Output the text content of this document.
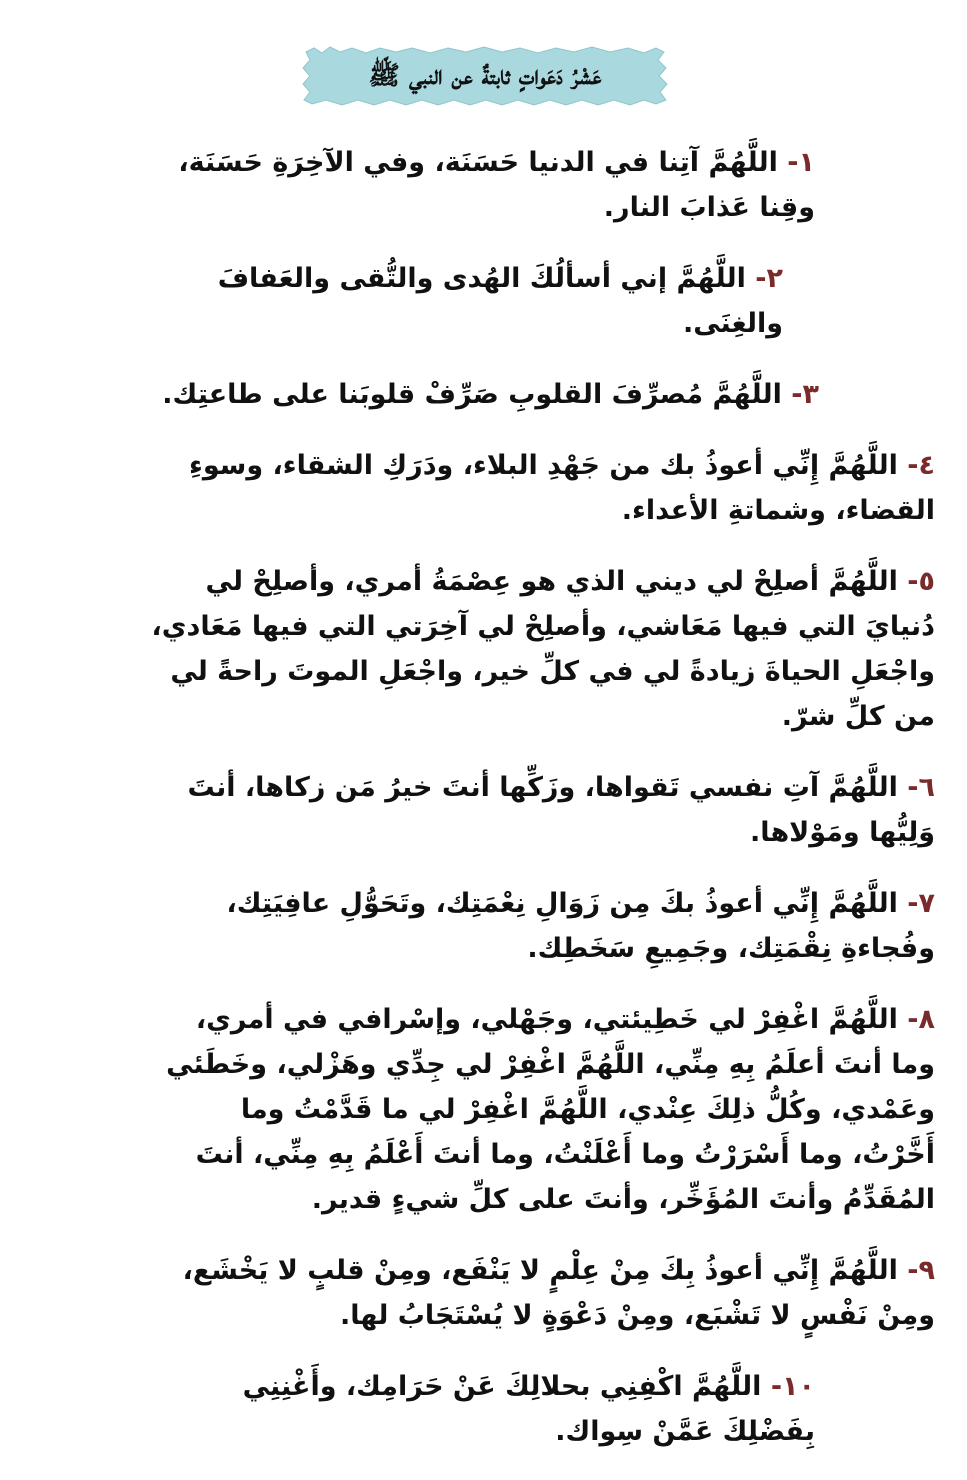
عَشْرُ دَعَواتٍ ثابتةٌ عن النبي ﷺ

١- اللَّهُمَّ آتِنا في الدنيا حَسَنَة، وفي الآخِرَةِ حَسَنَة، وقِنا عَذابَ النار.

٢- اللَّهُمَّ إني أسألُكَ الهُدى والتُّقى والعَفافَ والغِنَى.

٣- اللَّهُمَّ مُصرِّفَ القلوبِ صَرِّفْ قلوبَنا على طاعتِك.

٤- اللَّهُمَّ إِنِّي أعوذُ بك من جَهْدِ البلاء، ودَرَكِ الشقاء، وسوءِ القضاء، وشماتةِ الأعداء.

٥- اللَّهُمَّ أصلِحْ لي ديني الذي هو عِصْمَةُ أمري، وأصلِحْ لي دُنيايَ التي فيها مَعَاشي، وأصلِحْ لي آخِرَتي التي فيها مَعَادي، واجْعَلِ الحياةَ زيادةً لي في كلِّ خير، واجْعَلِ الموتَ راحةً لي من كلِّ شرّ.

٦- اللَّهُمَّ آتِ نفسي تَقواها، وزَكِّها أنتَ خيرُ مَن زكاها، أنتَ وَلِيُّها ومَوْلاها.

٧- اللَّهُمَّ إِنِّي أعوذُ بكَ مِن زَوَالِ نِعْمَتِك، وتَحَوُّلِ عافِيَتِك، وفُجاءةِ نِقْمَتِك، وجَمِيعِ سَخَطِك.

٨- اللَّهُمَّ اغْفِرْ لي خَطِيئتي، وجَهْلي، وإسْرافي في أمري، وما أنتَ أعلَمُ بِهِ مِنِّي، اللَّهُمَّ اغْفِرْ لي جِدِّي وهَزْلي، وخَطَئي وعَمْدي، وكُلُّ ذلِكَ عِنْدي، اللَّهُمَّ اغْفِرْ لي ما قَدَّمْتُ وما أَخَّرْتُ، وما أَسْرَرْتُ وما أَعْلَنْتُ، وما أنتَ أَعْلَمُ بِهِ مِنِّي، أنتَ المُقَدِّمُ وأنتَ المُؤَخِّر، وأنتَ على كلِّ شيءٍ قدير.

٩- اللَّهُمَّ إِنِّي أعوذُ بِكَ مِنْ عِلْمٍ لا يَنْفَع، ومِنْ قلبٍ لا يَخْشَع، ومِنْ نَفْسٍ لا تَشْبَع، ومِنْ دَعْوَةٍ لا يُسْتَجَابُ لها.

١٠- اللَّهُمَّ اكْفِنِي بحلالِكَ عَنْ حَرَامِك، وأَغْنِنِي بِفَضْلِكَ عَمَّنْ سِواك.
